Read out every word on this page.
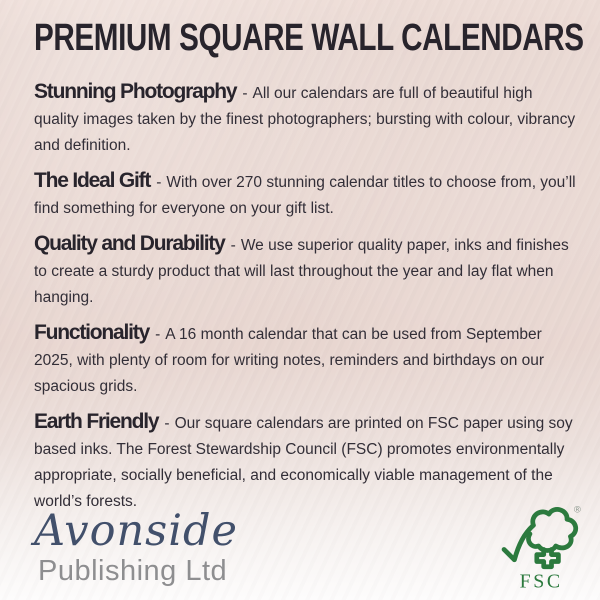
PREMIUM SQUARE WALL CALENDARS

Stunning Photography - All our calendars are full of beautiful high quality images taken by the finest photographers; bursting with colour, vibrancy and definition.

The Ideal Gift - With over 270 stunning calendar titles to choose from, you’ll find something for everyone on your gift list.

Quality and Durability - We use superior quality paper, inks and finishes to create a sturdy product that will last throughout the year and lay flat when hanging.

Functionality - A 16 month calendar that can be used from September 2025, with plenty of room for writing notes, reminders and birthdays on our spacious grids.

Earth Friendly - Our square calendars are printed on FSC paper using soy based inks. The Forest Stewardship Council (FSC) promotes environmentally appropriate, socially beneficial, and economically viable management of the world’s forests.

Avonside
Publishing Ltd
®
FSC
